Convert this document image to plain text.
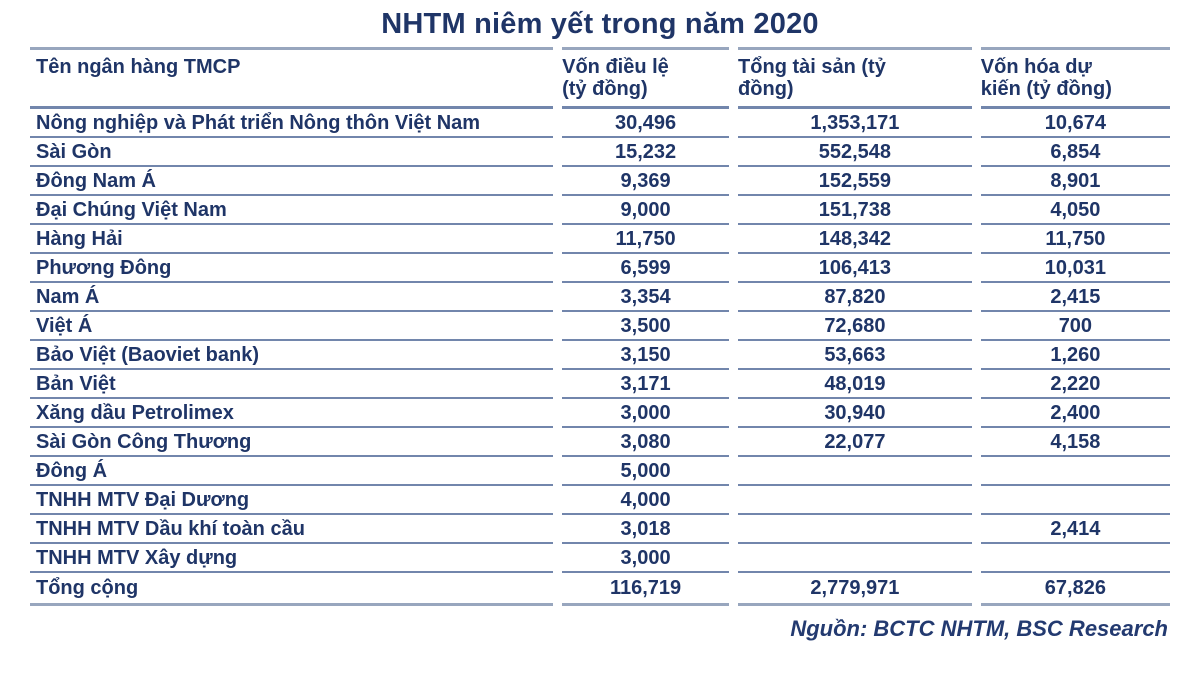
NHTM niêm yết trong năm 2020
Tên ngân hàng TMCP	Vốn điều lệ (tỷ đồng)	Tổng tài sản (tỷ đồng)	Vốn hóa dự kiến (tỷ đồng)
Nông nghiệp và Phát triển Nông thôn Việt Nam	30,496	1,353,171	10,674
Sài Gòn	15,232	552,548	6,854
Đông Nam Á	9,369	152,559	8,901
Đại Chúng Việt Nam	9,000	151,738	4,050
Hàng Hải	11,750	148,342	11,750
Phương Đông	6,599	106,413	10,031
Nam Á	3,354	87,820	2,415
Việt Á	3,500	72,680	700
Bảo Việt (Baoviet bank)	3,150	53,663	1,260
Bản Việt	3,171	48,019	2,220
Xăng dầu Petrolimex	3,000	30,940	2,400
Sài Gòn Công Thương	3,080	22,077	4,158
Đông Á	5,000		
TNHH MTV Đại Dương	4,000		
TNHH MTV Dầu khí toàn cầu	3,018		2,414
TNHH MTV Xây dựng	3,000		
Tổng cộng	116,719	2,779,971	67,826
Nguồn: BCTC NHTM, BSC Research
